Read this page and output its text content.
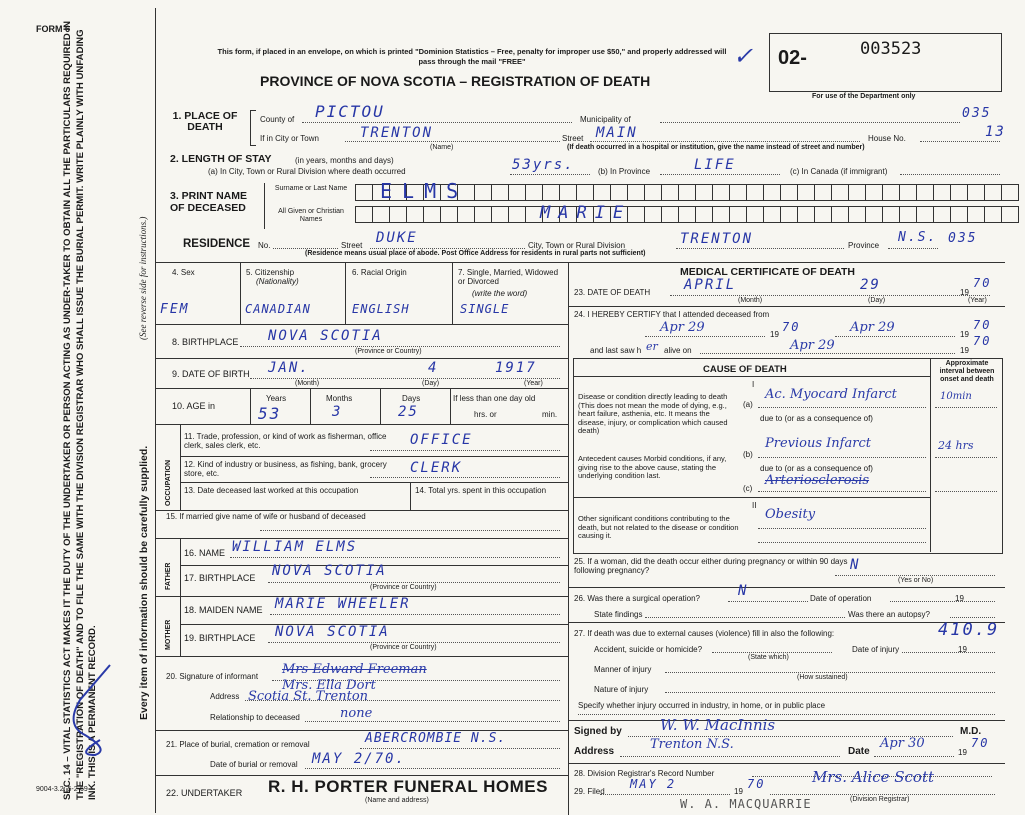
FORM 6
SEC. 14 – VITAL STATISTICS ACT MAKES IT THE DUTY OF THE UNDERTAKER OR PERSON ACTING AS UNDER-TAKER TO OBTAIN ALL THE PARTICULARS REQUIRED IN THE "REGISTRATION OF DEATH" AND TO FILE THE SAME WITH THE DIVISION REGISTRAR WHO SHALL ISSUE THE BURIAL PERMIT. WRITE PLAINLY WITH UNFADING INK. THIS IS A PERMANENT RECORD.
(See reverse side for instructions.)
Every item of information should be carefully supplied.
9004-3.2: 5-2-69
This form, if placed in an envelope, on which is printed "Dominion Statistics – Free, penalty for improper use $50," and properly addressed will pass through the mail "FREE"
PROVINCE OF NOVA SCOTIA – REGISTRATION OF DEATH
✓ 02-	003523
For use of the Department only
1. PLACE OF DEATH
County of PICTOU	Municipality of	035
If in City or Town	TRENTON
(Name)
Street MAIN	House No.	13
(If death occurred in a hospital or institution, give the name instead of street and number)
2. LENGTH OF STAY	(in years, months and days)
(a) In City, Town or Rural Division where death occurred	53yrs.	(b) In Province	LIFE	(c) In Canada (if immigrant)
3. PRINT NAME OF DECEASED
Surname or Last Name
All Given or Christian Names
ELMS
MARIE
RESIDENCE No.	Street DUKE	City, Town or Rural Division	TRENTON	Province
N.S. 035
(Residence means usual place of abode. Post Office Address for residents in rural parts not sufficient)
4. Sex	5. Citizenship
(Nationality)
6. Racial Origin	7. Single, Married, Widowed or Divorced
(write the word)
FEM	CANADIAN	ENGLISH	SINGLE
8. BIRTHPLACE NOVA SCOTIA
(Province or Country)
9. DATE OF BIRTH JAN.	4	1917
(Month)	(Day)	(Year)
10. AGE in
Years	Months	Days
53	3	25
If less than one day old
hrs. or	min.
OCCUPATION
11. Trade, profession, or kind of work as fisherman, office clerk, sales clerk, etc.	OFFICE
12. Kind of industry or business, as fishing, bank, grocery store, etc.	CLERK
13. Date deceased last worked at this occupation	14. Total yrs. spent in this occupation
15. If married give name of wife or husband of deceased
FATHER
16. NAME WILLIAM ELMS
17. BIRTHPLACE NOVA SCOTIA
(Province or Country)
MOTHER
18. MAIDEN NAME MARIE WHEELER
19. BIRTHPLACE NOVA SCOTIA
(Province or Country)
20. Signature of informant Mrs Edward Freeman
Mrs. Ella Dort
Address Scotia St. Trenton
Relationship to deceased	none
21. Place of burial, cremation or removal	ABERCROMBIE N.S.
Date of burial or removal MAY 2/70.
22. UNDERTAKER R. H. PORTER FUNERAL HOMES
(Name and address)
MEDICAL CERTIFICATE OF DEATH
23. DATE OF DEATH APRIL	29	19
70
(Month)	(Day)	(Year)
24. I HEREBY CERTIFY that I attended deceased from
Apr 29	19
70	Apr 29	19
70
and last saw h er alive on	Apr 29	19
70
CAUSE OF DEATH
Approximate interval between onset and death
I
II
Disease or condition directly leading to death (This does not mean the mode of dying, e.g., heart failure, asthenia, etc. It means the disease, injury, or complication which caused death)
Antecedent causes Morbid conditions, if any, giving rise to the above cause, stating the underlying condition last.
Other significant conditions contributing to the death, but not related to the disease or condition causing it.
(a)
Ac. Myocard Infarct	10min
due to (or as a consequence of)
(b)
Previous Infarct	24 hrs
due to (or as a consequence of)
(c)
Arteriosclerosis
Obesity
25. If a woman, did the death occur either during pregnancy or within 90 days following pregnancy?	N
(Yes or No)
26. Was there a surgical operation?	N	Date of operation	19
State findings	Was there an autopsy?
27. If death was due to external causes (violence) fill in also the following:	410.9
Accident, suicide or homicide?
(State which)
Date of injury	19
Manner of injury
(How sustained)
Nature of injury
Specify whether injury occurred in industry, in home, or in public place
Signed by	W. W. MacInnis	M.D.
Address	Trenton N.S.	Date
Apr 30
19
70
28. Division Registrar's Record Number
29. Filed
MAY 2
19
70	Mrs. Alice Scott
(Division Registrar)
W. A. MACQUARRIE
